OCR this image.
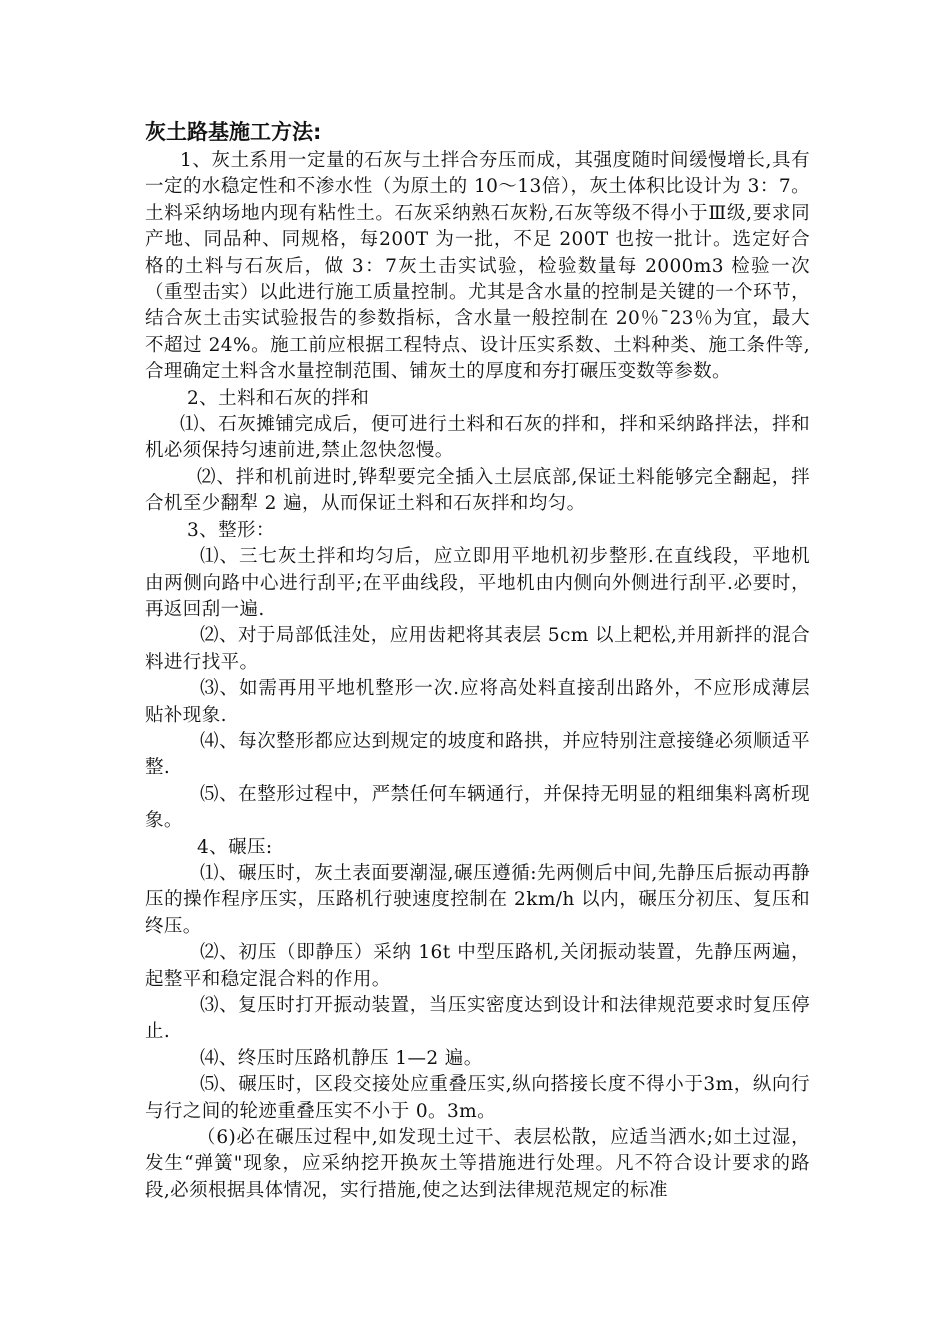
灰土路基施工方法:

1、灰土系用一定量的石灰与土拌合夯压而成，其强度随时间缓慢增长,具有一定的水稳定性和不渗水性（为原土的 10～13倍），灰土体积比设计为 3：7。土料采纳场地内现有粘性土。石灰采纳熟石灰粉,石灰等级不得小于Ⅲ级,要求同产地、同品种、同规格，每200T 为一批，不足 200T 也按一批计。选定好合格的土料与石灰后，做 3：7灰土击实试验，检验数量每 2000m3 检验一次（重型击实）以此进行施工质量控制。尤其是含水量的控制是关键的一个环节，结合灰土击实试验报告的参数指标，含水量一般控制在 20％¯23％为宜，最大不超过 24%。施工前应根据工程特点、设计压实系数、土料种类、施工条件等,合理确定土料含水量控制范围、铺灰土的厚度和夯打碾压变数等参数。

2、土料和石灰的拌和

⑴、石灰摊铺完成后，便可进行土料和石灰的拌和，拌和采纳路拌法，拌和机必须保持匀速前进,禁止忽快忽慢。

⑵、拌和机前进时,铧犁要完全插入土层底部,保证土料能够完全翻起，拌合机至少翻犁 2 遍，从而保证土料和石灰拌和均匀。

3、整形：

⑴、三七灰土拌和均匀后，应立即用平地机初步整形.在直线段，平地机由两侧向路中心进行刮平;在平曲线段，平地机由内侧向外侧进行刮平.必要时，再返回刮一遍.

⑵、对于局部低洼处，应用齿耙将其表层 5cm 以上耙松,并用新拌的混合料进行找平。

⑶、如需再用平地机整形一次.应将高处料直接刮出路外，不应形成薄层贴补现象.

⑷、每次整形都应达到规定的坡度和路拱，并应特别注意接缝必须顺适平整.

⑸、在整形过程中，严禁任何车辆通行，并保持无明显的粗细集料离析现象。

4、碾压:

⑴、碾压时，灰土表面要潮湿,碾压遵循:先两侧后中间,先静压后振动再静压的操作程序压实，压路机行驶速度控制在 2km/h 以内，碾压分初压、复压和终压。

⑵、初压（即静压）采纳 16t 中型压路机,关闭振动装置，先静压两遍，起整平和稳定混合料的作用。

⑶、复压时打开振动装置，当压实密度达到设计和法律规范要求时复压停止.

⑷、终压时压路机静压 1—2 遍。

⑸、碾压时，区段交接处应重叠压实,纵向搭接长度不得小于3m，纵向行与行之间的轮迹重叠压实不小于 0。3m。

（6)必在碾压过程中,如发现土过干、表层松散，应适当洒水;如土过湿，发生“弹簧"现象，应采纳挖开换灰土等措施进行处理。凡不符合设计要求的路段,必须根据具体情况，实行措施,使之达到法律规范规定的标准
